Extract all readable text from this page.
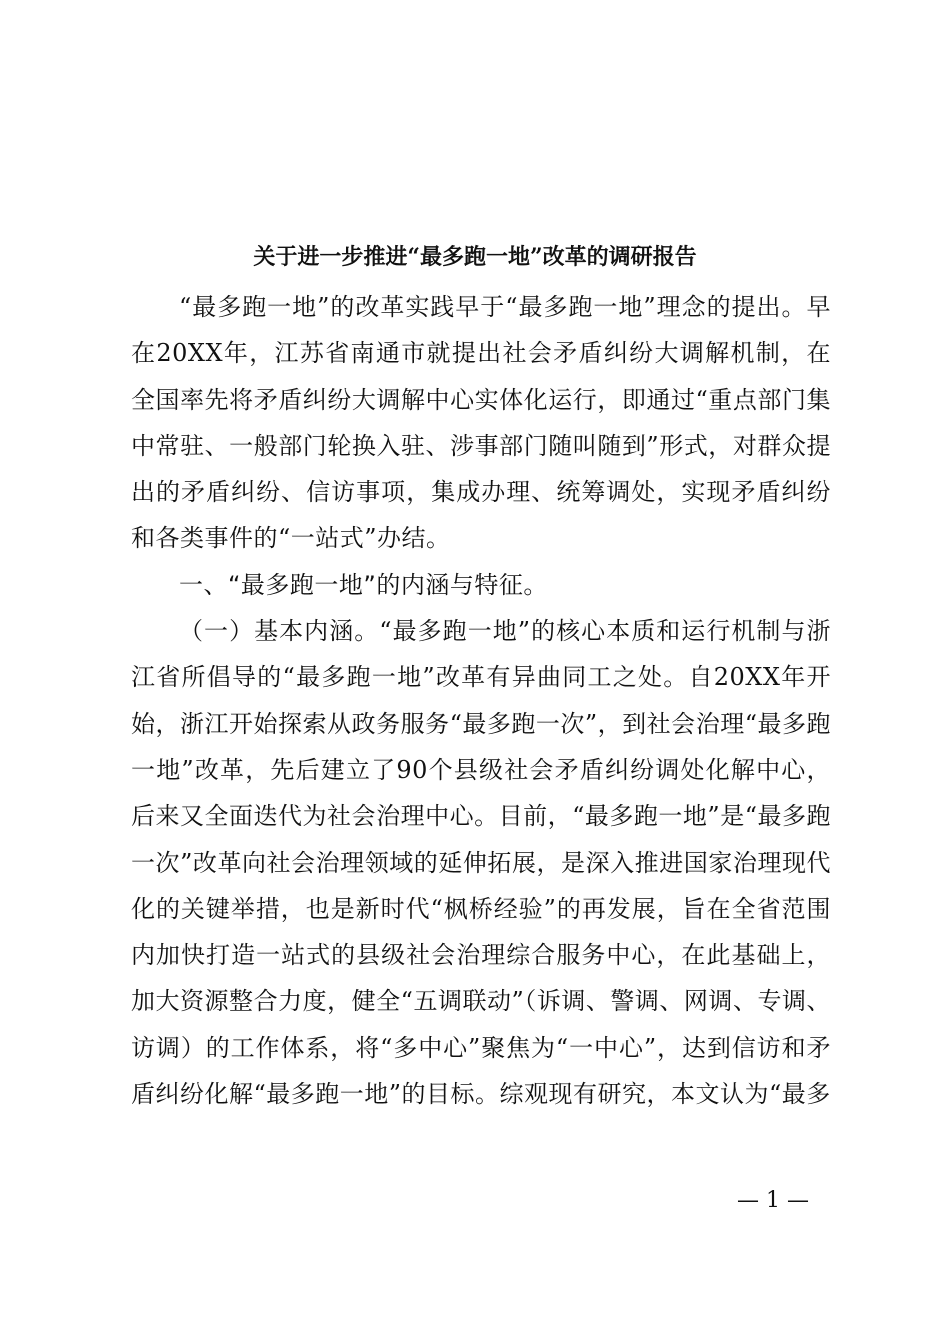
关于进一步推进“最多跑一地”改革的调研报告

“最多跑一地”的改革实践早于“最多跑一地”理念的提出。早在20XX年，江苏省南通市就提出社会矛盾纠纷大调解机制，在全国率先将矛盾纠纷大调解中心实体化运行，即通过“重点部门集中常驻、一般部门轮换入驻、涉事部门随叫随到”形式，对群众提出的矛盾纠纷、信访事项，集成办理、统筹调处，实现矛盾纠纷和各类事件的“一站式”办结。

一、“最多跑一地”的内涵与特征。

（一）基本内涵。“最多跑一地”的核心本质和运行机制与浙江省所倡导的“最多跑一地”改革有异曲同工之处。自20XX年开始，浙江开始探索从政务服务“最多跑一次”，到社会治理“最多跑一地”改革，先后建立了90个县级社会矛盾纠纷调处化解中心，后来又全面迭代为社会治理中心。目前，“最多跑一地”是“最多跑一次”改革向社会治理领域的延伸拓展，是深入推进国家治理现代化的关键举措，也是新时代“枫桥经验”的再发展，旨在全省范围内加快打造一站式的县级社会治理综合服务中心，在此基础上，加大资源整合力度，健全“五调联动”（诉调、警调、网调、专调、访调）的工作体系，将“多中心”聚焦为“一中心”，达到信访和矛盾纠纷化解“最多跑一地”的目标。综观现有研究，本文认为“最多

— 1 —
